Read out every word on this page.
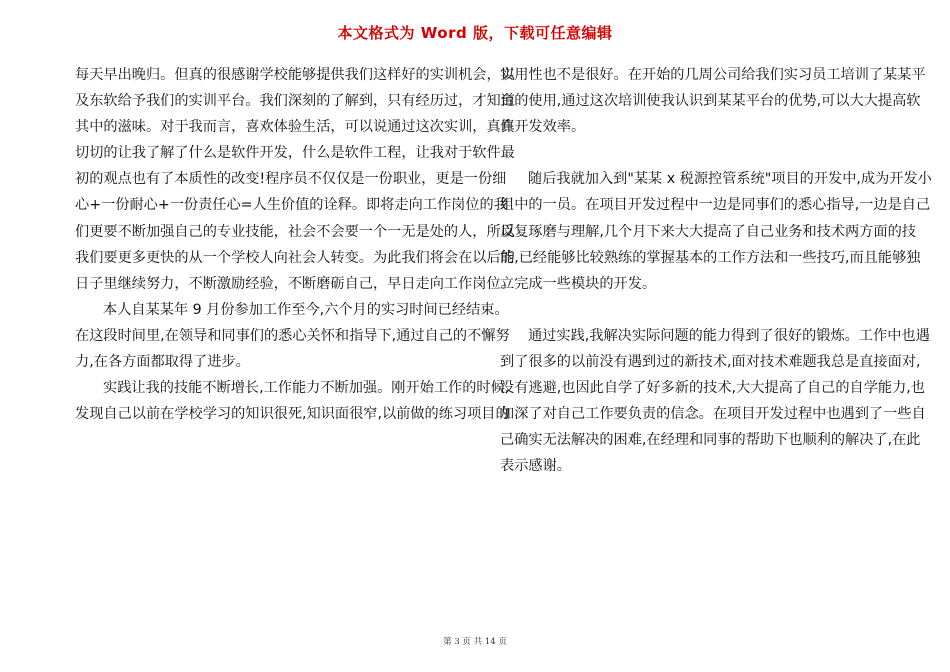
本文格式为 Word 版，下载可任意编辑
每天早出晚归。但真的很感谢学校能够提供我们这样好的实训机会，以
及东软给予我们的实训平台。我们深刻的了解到，只有经历过，才知道
其中的滋味。对于我而言，喜欢体验生活，可以说通过这次实训，真真
切切的让我了解了什么是软件开发，什么是软件工程，让我对于软件最
初的观点也有了本质性的改变!程序员不仅仅是一份职业，更是一份细
心+一份耐心+一份责任心=人生价值的诠释。即将走向工作岗位的我
们更要不断加强自己的专业技能，社会不会要一个一无是处的人，所以
我们要更多更快的从一个学校人向社会人转变。为此我们将会在以后的
日子里继续努力，不断激励经验，不断磨砺自己，早日走向工作岗位。
本人自某某年 9 月份参加工作至今,六个月的实习时间已经结束。
在这段时间里,在领导和同事们的悉心关怀和指导下,通过自己的不懈努
力,在各方面都取得了进步。
实践让我的技能不断增长,工作能力不断加强。刚开始工作的时候,
发现自己以前在学校学习的知识很死,知识面很窄,以前做的练习项目的
实用性也不是很好。在开始的几周公司给我们实习员工培训了某某平
台的使用,通过这次培训使我认识到某某平台的优势,可以大大提高软
件开发效率。
随后我就加入到"某某 x 税源控管系统"项目的开发中,成为开发小
组中的一员。在项目开发过程中一边是同事们的悉心指导,一边是自己
反复琢磨与理解,几个月下来大大提高了自己业务和技术两方面的技
能,已经能够比较熟练的掌握基本的工作方法和一些技巧,而且能够独
立完成一些模块的开发。
通过实践,我解决实际问题的能力得到了很好的锻炼。工作中也遇
到了很多的以前没有遇到过的新技术,面对技术难题我总是直接面对,
没有逃避,也因此自学了好多新的技术,大大提高了自己的自学能力,也
加深了对自己工作要负责的信念。在项目开发过程中也遇到了一些自
己确实无法解决的困难,在经理和同事的帮助下也顺利的解决了,在此
表示感谢。
第 3 页 共 14 页
